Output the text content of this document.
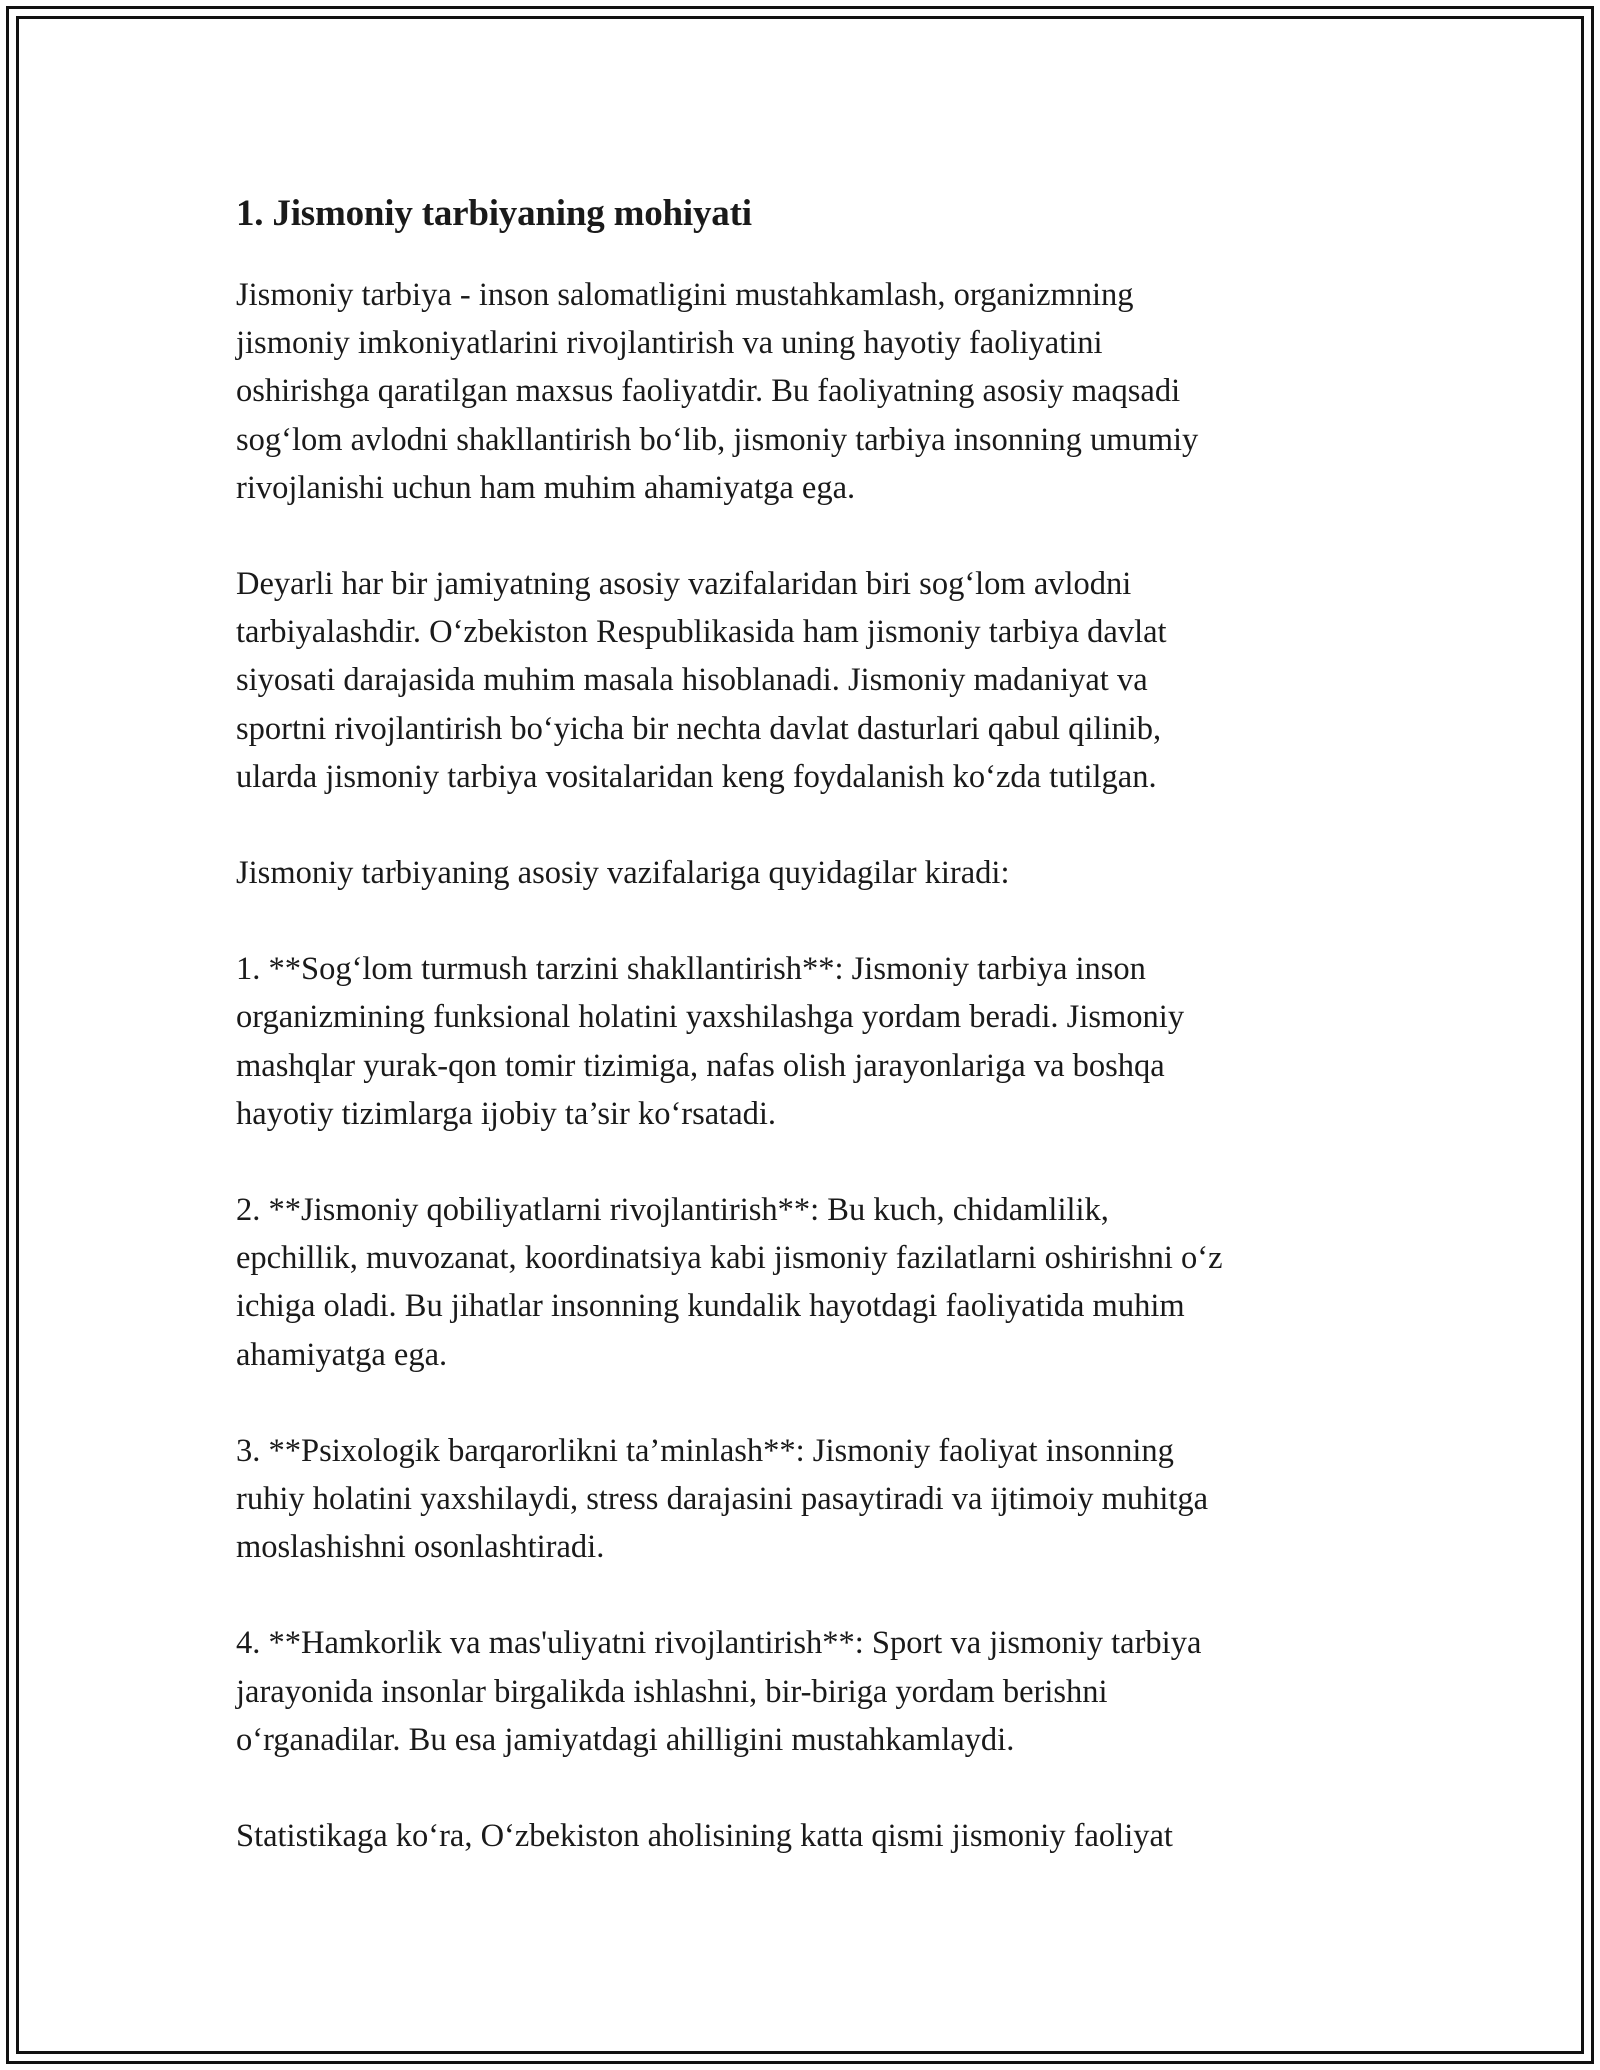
1. Jismoniy tarbiyaning mohiyati

Jismoniy tarbiya - inson salomatligini mustahkamlash, organizmning
jismoniy imkoniyatlarini rivojlantirish va uning hayotiy faoliyatini
oshirishga qaratilgan maxsus faoliyatdir. Bu faoliyatning asosiy maqsadi
sog‘lom avlodni shakllantirish bo‘lib, jismoniy tarbiya insonning umumiy
rivojlanishi uchun ham muhim ahamiyatga ega.

Deyarli har bir jamiyatning asosiy vazifalaridan biri sog‘lom avlodni
tarbiyalashdir. O‘zbekiston Respublikasida ham jismoniy tarbiya davlat
siyosati darajasida muhim masala hisoblanadi. Jismoniy madaniyat va
sportni rivojlantirish bo‘yicha bir nechta davlat dasturlari qabul qilinib,
ularda jismoniy tarbiya vositalaridan keng foydalanish ko‘zda tutilgan.

Jismoniy tarbiyaning asosiy vazifalariga quyidagilar kiradi:

1. **Sog‘lom turmush tarzini shakllantirish**: Jismoniy tarbiya inson
organizmining funksional holatini yaxshilashga yordam beradi. Jismoniy
mashqlar yurak-qon tomir tizimiga, nafas olish jarayonlariga va boshqa
hayotiy tizimlarga ijobiy ta’sir ko‘rsatadi.

2. **Jismoniy qobiliyatlarni rivojlantirish**: Bu kuch, chidamlilik,
epchillik, muvozanat, koordinatsiya kabi jismoniy fazilatlarni oshirishni o‘z
ichiga oladi. Bu jihatlar insonning kundalik hayotdagi faoliyatida muhim
ahamiyatga ega.

3. **Psixologik barqarorlikni ta’minlash**: Jismoniy faoliyat insonning
ruhiy holatini yaxshilaydi, stress darajasini pasaytiradi va ijtimoiy muhitga
moslashishni osonlashtiradi.

4. **Hamkorlik va mas'uliyatni rivojlantirish**: Sport va jismoniy tarbiya
jarayonida insonlar birgalikda ishlashni, bir-biriga yordam berishni
o‘rganadilar. Bu esa jamiyatdagi ahilligini mustahkamlaydi.

Statistikaga ko‘ra, O‘zbekiston aholisining katta qismi jismoniy faoliyat
